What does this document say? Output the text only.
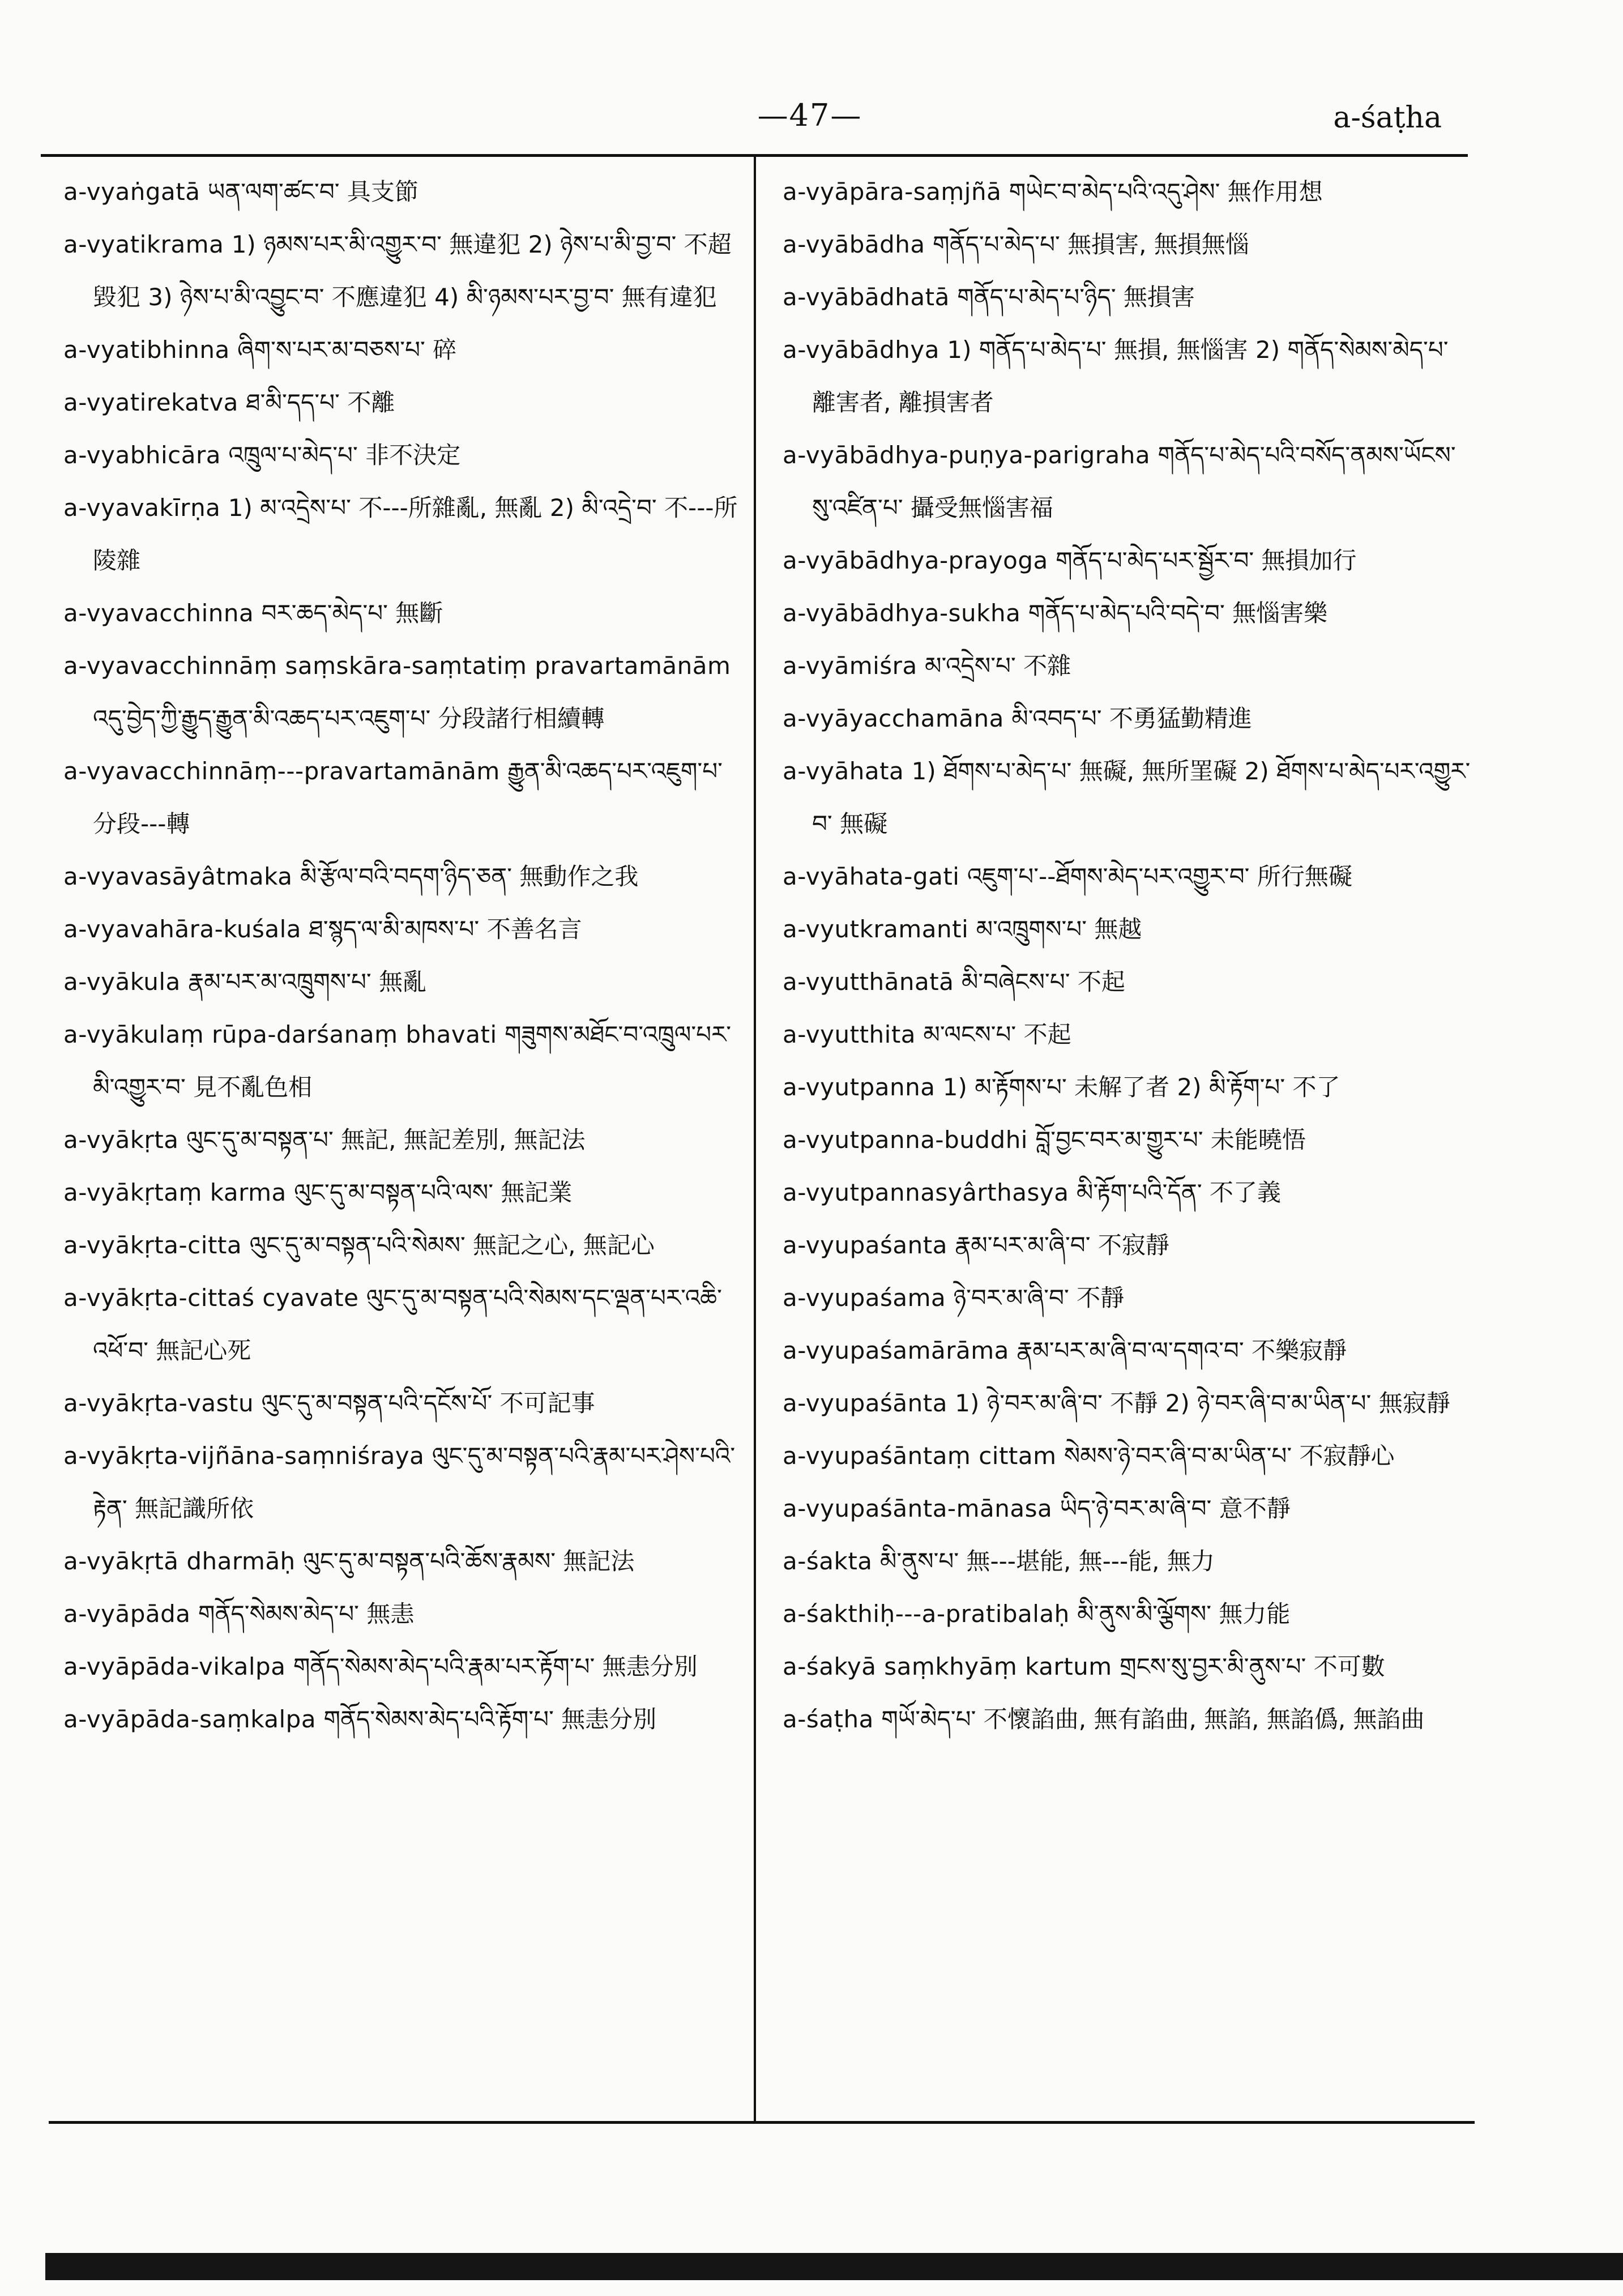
—47—	a-śaṭha
a-vyaṅgatā ཡན་ལག་ཚང་བ་ 具支節
a-vyatikrama 1) ཉམས་པར་མི་འགྱུར་བ་ 無違犯 2) ཉེས་པ་མི་བྱ་བ་ 不超毀犯 3) ཉེས་པ་མི་འབྱུང་བ་ 不應違犯 4) མི་ཉམས་པར་བྱ་བ་ 無有違犯
a-vyatibhinna ཞིག་ས་པར་མ་བཅས་པ་ 碎
a-vyatirekatva ཐ་མི་དད་པ་ 不離
a-vyabhicāra འཁྲུལ་པ་མེད་པ་ 非不決定
a-vyavakīrṇa 1) མ་འདྲེས་པ་ 不---所雜亂, 無亂 2) མི་འདྲེ་བ་ 不---所陵雜
a-vyavacchinna བར་ཆད་མེད་པ་ 無斷
a-vyavacchinnāṃ saṃskāra-saṃtatiṃ pravartamānām འདུ་བྱེད་ཀྱི་རྒྱུད་རྒྱུན་མི་འཆད་པར་འཇུག་པ་ 分段諸行相續轉
a-vyavacchinnāṃ---pravartamānām རྒྱུན་མི་འཆད་པར་འཇུག་པ་ 分段---轉
a-vyavasāyâtmaka མི་རྩོལ་བའི་བདག་ཉིད་ཅན་ 無動作之我
a-vyavahāra-kuśala ཐ་སྙད་ལ་མི་མཁས་པ་ 不善名言
a-vyākula རྣམ་པར་མ་འཁྲུགས་པ་ 無亂
a-vyākulaṃ rūpa-darśanaṃ bhavati གཟུགས་མཐོང་བ་འཁྲུལ་པར་མི་འགྱུར་བ་ 見不亂色相
a-vyākṛta ལུང་དུ་མ་བསྟན་པ་ 無記, 無記差別, 無記法
a-vyākṛtaṃ karma ལུང་དུ་མ་བསྟན་པའི་ལས་ 無記業
a-vyākṛta-citta ལུང་དུ་མ་བསྟན་པའི་སེམས་ 無記之心, 無記心
a-vyākṛta-cittaś cyavate ལུང་དུ་མ་བསྟན་པའི་སེམས་དང་ལྡན་པར་འཆི་འཕོ་བ་ 無記心死
a-vyākṛta-vastu ལུང་དུ་མ་བསྟན་པའི་དངོས་པོ་ 不可記事
a-vyākṛta-vijñāna-saṃniśraya ལུང་དུ་མ་བསྟན་པའི་རྣམ་པར་ཤེས་པའི་རྟེན་ 無記識所依
a-vyākṛtā dharmāḥ ལུང་དུ་མ་བསྟན་པའི་ཆོས་རྣམས་ 無記法
a-vyāpāda གནོད་སེམས་མེད་པ་ 無恚
a-vyāpāda-vikalpa གནོད་སེམས་མེད་པའི་རྣམ་པར་རྟོག་པ་ 無恚分別
a-vyāpāda-saṃkalpa གནོད་སེམས་མེད་པའི་རྟོག་པ་ 無恚分別
a-vyāpāra-saṃjñā གཡེང་བ་མེད་པའི་འདུ་ཤེས་ 無作用想
a-vyābādha གནོད་པ་མེད་པ་ 無損害, 無損無惱
a-vyābādhatā གནོད་པ་མེད་པ་ཉིད་ 無損害
a-vyābādhya 1) གནོད་པ་མེད་པ་ 無損, 無惱害 2) གནོད་སེམས་མེད་པ་ 離害者, 離損害者
a-vyābādhya-puṇya-parigraha གནོད་པ་མེད་པའི་བསོད་ནམས་ཡོངས་སུ་འཛིན་པ་ 攝受無惱害福
a-vyābādhya-prayoga གནོད་པ་མེད་པར་སྦྱོར་བ་ 無損加行
a-vyābādhya-sukha གནོད་པ་མེད་པའི་བདེ་བ་ 無惱害樂
a-vyāmiśra མ་འདྲེས་པ་ 不雜
a-vyāyacchamāna མི་འབད་པ་ 不勇猛勤精進
a-vyāhata 1) ཐོགས་པ་མེད་པ་ 無礙, 無所罣礙 2) ཐོགས་པ་མེད་པར་འགྱུར་བ་ 無礙
a-vyāhata-gati འཇུག་པ་--ཐོགས་མེད་པར་འགྱུར་བ་ 所行無礙
a-vyutkramanti མ་འཁྲུགས་པ་ 無越
a-vyutthānatā མི་བཞེངས་པ་ 不起
a-vyutthita མ་ལངས་པ་ 不起
a-vyutpanna 1) མ་རྟོགས་པ་ 未解了者 2) མི་རྟོག་པ་ 不了
a-vyutpanna-buddhi བློ་བྱང་བར་མ་གྱུར་པ་ 未能曉悟
a-vyutpannasyârthasya མི་རྟོག་པའི་དོན་ 不了義
a-vyupaśanta རྣམ་པར་མ་ཞི་བ་ 不寂靜
a-vyupaśama ཉེ་བར་མ་ཞི་བ་ 不靜
a-vyupaśamārāma རྣམ་པར་མ་ཞི་བ་ལ་དགའ་བ་ 不樂寂靜
a-vyupaśānta 1) ཉེ་བར་མ་ཞི་བ་ 不靜 2) ཉེ་བར་ཞི་བ་མ་ཡིན་པ་ 無寂靜
a-vyupaśāntaṃ cittam སེམས་ཉེ་བར་ཞི་བ་མ་ཡིན་པ་ 不寂靜心
a-vyupaśānta-mānasa ཡིད་ཉེ་བར་མ་ཞི་བ་ 意不靜
a-śakta མི་ནུས་པ་ 無---堪能, 無---能, 無力
a-śakthiḥ---a-pratibalaḥ མི་ནུས་མི་ལྕོགས་ 無力能
a-śakyā saṃkhyāṃ kartum གྲངས་སུ་བྱར་མི་ནུས་པ་ 不可數
a-śaṭha གཡོ་མེད་པ་ 不懷諂曲, 無有諂曲, 無諂, 無諂僞, 無諂曲
